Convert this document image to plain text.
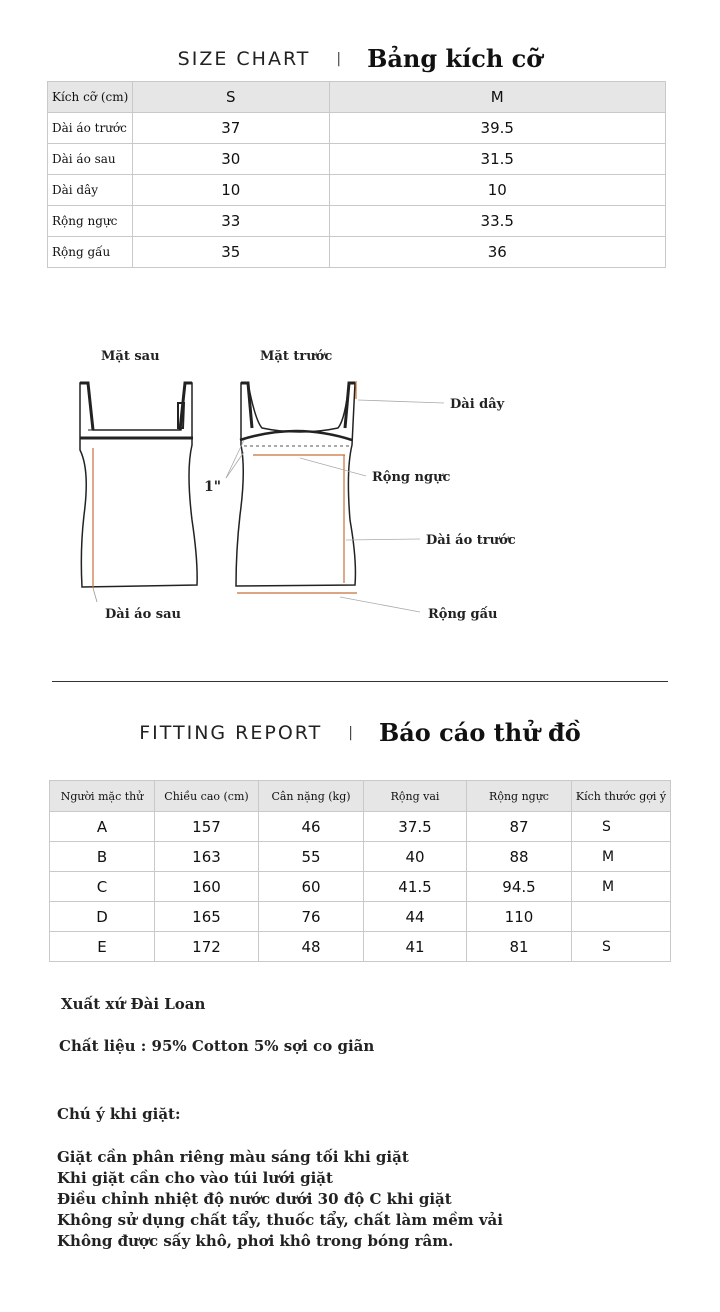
SIZE CHART | Bảng kích cỡ
Kích cỡ (cm)	S	M
Dài áo trước	37	39.5
Dài áo sau	30	31.5
Dài dây	10	10
Rộng ngực	33	33.5
Rộng gấu	35	36
Mặt sau	Mặt trước
Dài dây
Rộng ngực
1"
Dài áo trước
Rộng gấu
Dài áo sau
FITTING REPORT | Báo cáo thử đồ
Người mặc thử	Chiều cao (cm)	Cân nặng (kg)	Rộng vai	Rộng ngực	Kích thước gợi ý
A	157	46	37.5	87	S
B	163	55	40	88	M
C	160	60	41.5	94.5	M
D	165	76	44	110	
E	172	48	41	81	S
Xuất xứ Đài Loan
Chất liệu : 95% Cotton 5% sợi co giãn
Chú ý khi giặt:
Giặt cần phân riêng màu sáng tối khi giặt
Khi giặt cần cho vào túi lưới giặt
Điều chỉnh nhiệt độ nước dưới 30 độ C khi giặt
Không sử dụng chất tẩy, thuốc tẩy, chất làm mềm vải
Không được sấy khô, phơi khô trong bóng râm.
